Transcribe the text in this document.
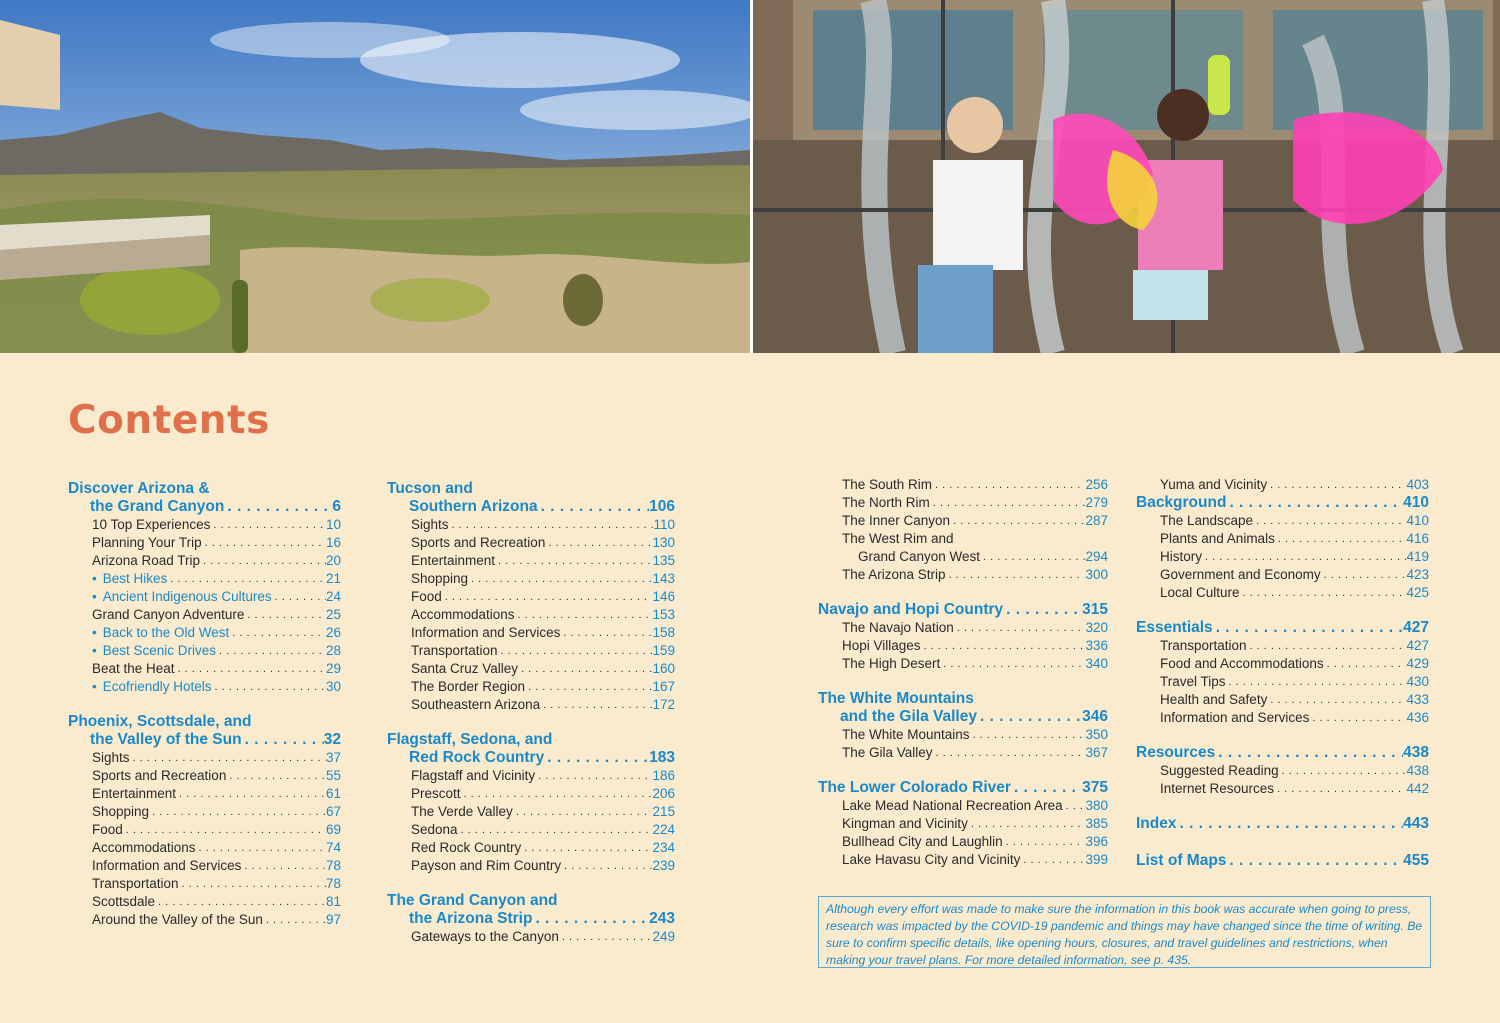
Contents
Discover Arizona &
the Grand Canyon . . .	6
10 Top Experiences . . .	10
Planning Your Trip . . .	16
Arizona Road Trip . . .	20
• Best Hikes . . .	21
• Ancient Indigenous Cultures . . .	24
Grand Canyon Adventure . . .	25
• Back to the Old West . . .	26
• Best Scenic Drives . . .	28
Beat the Heat . . .	29
• Ecofriendly Hotels . . .	30
Phoenix, Scottsdale, and
the Valley of the Sun . . .	32
Sights . . .	37
Sports and Recreation . . .	55
Entertainment . . .	61
Shopping . . .	67
Food . . .	69
Accommodations . . .	74
Information and Services . . .	78
Transportation . . .	78
Scottsdale . . .	81
Around the Valley of the Sun . . .	97
Tucson and
Southern Arizona . . .	106
Sights . . .	110
Sports and Recreation . . .	130
Entertainment . . .	135
Shopping . . .	143
Food . . .	146
Accommodations . . .	153
Information and Services . . .	158
Transportation . . .	159
Santa Cruz Valley . . .	160
The Border Region . . .	167
Southeastern Arizona . . .	172
Flagstaff, Sedona, and
Red Rock Country . . .	183
Flagstaff and Vicinity . . .	186
Prescott . . .	206
The Verde Valley . . .	215
Sedona . . .	224
Red Rock Country . . .	234
Payson and Rim Country . . .	239
The Grand Canyon and
the Arizona Strip . . .	243
Gateways to the Canyon . . .	249
The South Rim . . .	256
The North Rim . . .	279
The Inner Canyon . . .	287
The West Rim and
Grand Canyon West . . .	294
The Arizona Strip . . .	300
Navajo and Hopi Country . . .	315
The Navajo Nation . . .	320
Hopi Villages . . .	336
The High Desert . . .	340
The White Mountains
and the Gila Valley . . .	346
The White Mountains . . .	350
The Gila Valley . . .	367
The Lower Colorado River . . .	375
Lake Mead National Recreation Area . . . 380
Kingman and Vicinity . . .	385
Bullhead City and Laughlin . . .	396
Lake Havasu City and Vicinity . . .	399
Yuma and Vicinity . . .	403
Background . . .	410
The Landscape . . .	410
Plants and Animals . . .	416
History . . .	419
Government and Economy . . .	423
Local Culture . . .	425
Essentials . . .	427
Transportation . . .	427
Food and Accommodations . . .	429
Travel Tips . . .	430
Health and Safety . . .	433
Information and Services . . .	436
Resources . . .	438
Suggested Reading . . .	438
Internet Resources . . .	442
Index . . .	443
List of Maps . . .	455
Although every effort was made to make sure the information in this book was accurate when going to press, research was impacted by the COVID-19 pandemic and things may have changed since the time of writing. Be sure to confirm specific details, like opening hours, closures, and travel guidelines and restrictions, when making your travel plans. For more detailed information, see p. 435.
